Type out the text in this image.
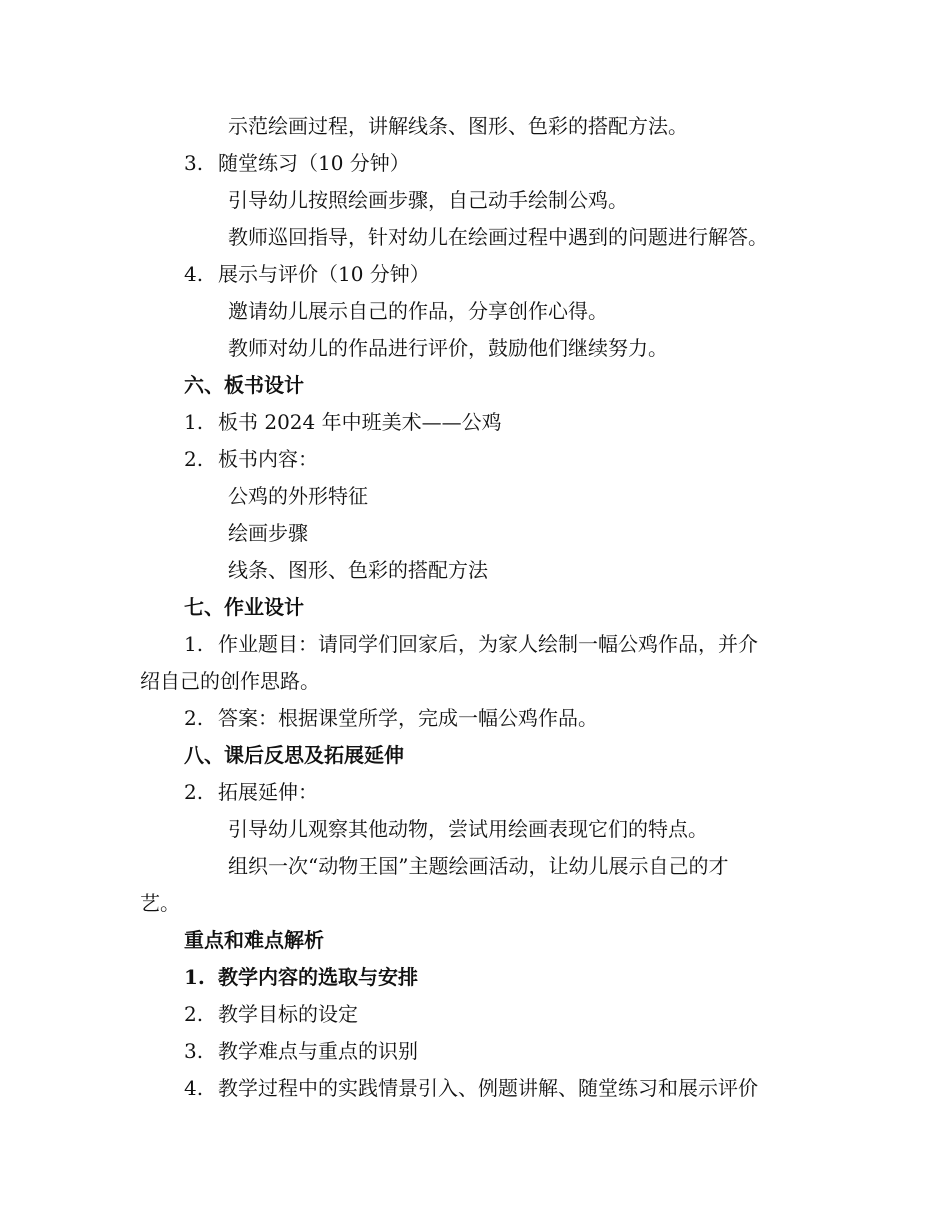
示范绘画过程，讲解线条、图形、色彩的搭配方法。
3. 随堂练习（10 分钟）
引导幼儿按照绘画步骤，自己动手绘制公鸡。
教师巡回指导，针对幼儿在绘画过程中遇到的问题进行解答。
4. 展示与评价（10 分钟）
邀请幼儿展示自己的作品，分享创作心得。
教师对幼儿的作品进行评价，鼓励他们继续努力。
六、板书设计
1. 板书 2024 年中班美术——公鸡
2. 板书内容：
公鸡的外形特征
绘画步骤
线条、图形、色彩的搭配方法
七、作业设计
1. 作业题目：请同学们回家后，为家人绘制一幅公鸡作品，并介
绍自己的创作思路。
2. 答案：根据课堂所学，完成一幅公鸡作品。
八、课后反思及拓展延伸
2. 拓展延伸：
引导幼儿观察其他动物，尝试用绘画表现它们的特点。
组织一次“动物王国”主题绘画活动，让幼儿展示自己的才
艺。
重点和难点解析
1. 教学内容的选取与安排
2. 教学目标的设定
3. 教学难点与重点的识别
4. 教学过程中的实践情景引入、例题讲解、随堂练习和展示评价
